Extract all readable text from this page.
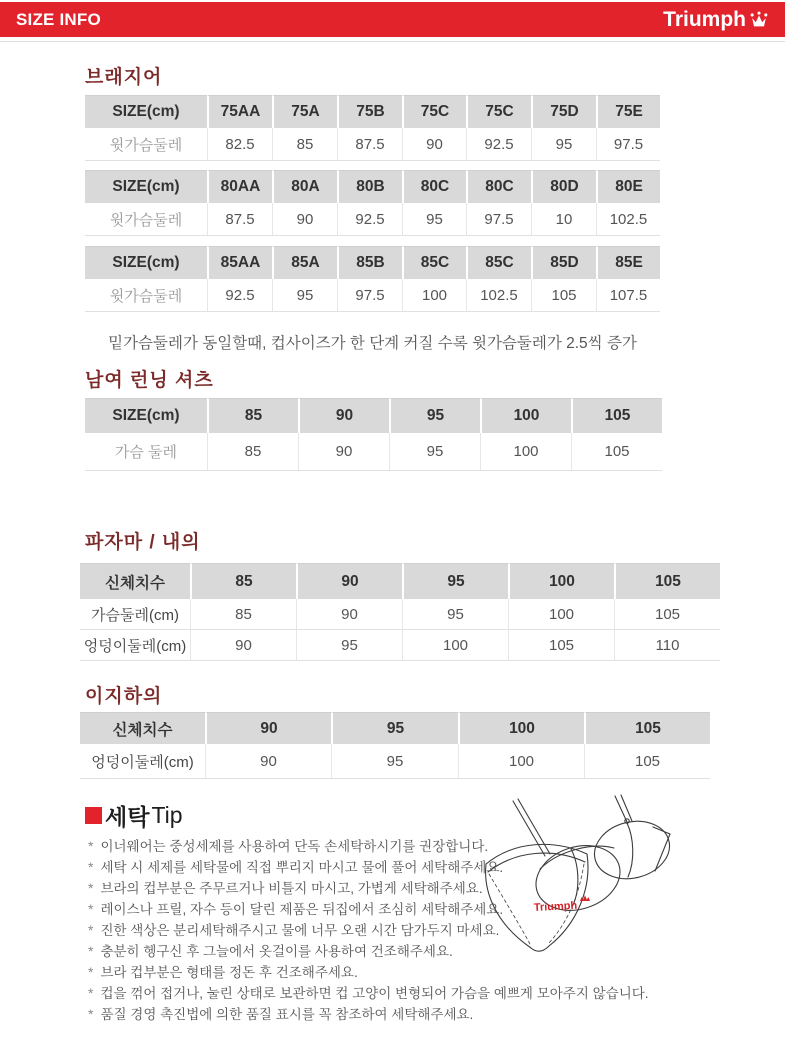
SIZE INFO	Triumph
브래지어
SIZE(cm)	75AA	75A	75B	75C	75C	75D	75E
윗가슴둘레	82.5	85	87.5	90	92.5	95	97.5
SIZE(cm)	80AA	80A	80B	80C	80C	80D	80E
윗가슴둘레	87.5	90	92.5	95	97.5	10	102.5
SIZE(cm)	85AA	85A	85B	85C	85C	85D	85E
윗가슴둘레	92.5	95	97.5	100	102.5	105	107.5
밑가슴둘레가 동일할때, 컵사이즈가 한 단계 커질 수록 윗가슴둘레가 2.5씩 증가
남여 런닝 셔츠
SIZE(cm)	85	90	95	100	105
가슴 둘레	85	90	95	100	105
파자마 / 내의
신체치수	85	90	95	100	105
가슴둘레(cm)	85	90	95	100	105
엉덩이둘레(cm)	90	95	100	105	110
이지하의
신체치수	90	95	100	105
엉덩이둘레(cm)	90	95	100	105
세탁 Tip
* 이너웨어는 중성세제를 사용하여 단독 손세탁하시기를 권장합니다.
* 세탁 시 세제를 세탁물에 직접 뿌리지 마시고 물에 풀어 세탁해주세요.
* 브라의 컵부분은 주무르거나 비틀지 마시고, 가볍게 세탁해주세요.
* 레이스나 프릴, 자수 등이 달린 제품은 뒤집에서 조심히 세탁해주세요.
* 진한 색상은 분리세탁해주시고 물에 너무 오랜 시간 담가두지 마세요.
* 충분히 헹구신 후 그늘에서 옷걸이를 사용하여 건조해주세요.
* 브라 컵부분은 형태를 정돈 후 건조해주세요.
* 컵을 꺾어 접거나, 눌린 상태로 보관하면 컵 고양이 변형되어 가슴을 예쁘게 모아주지 않습니다.
* 품질 경영 촉진법에 의한 품질 표시를 꼭 참조하여 세탁해주세요.
Triumph
